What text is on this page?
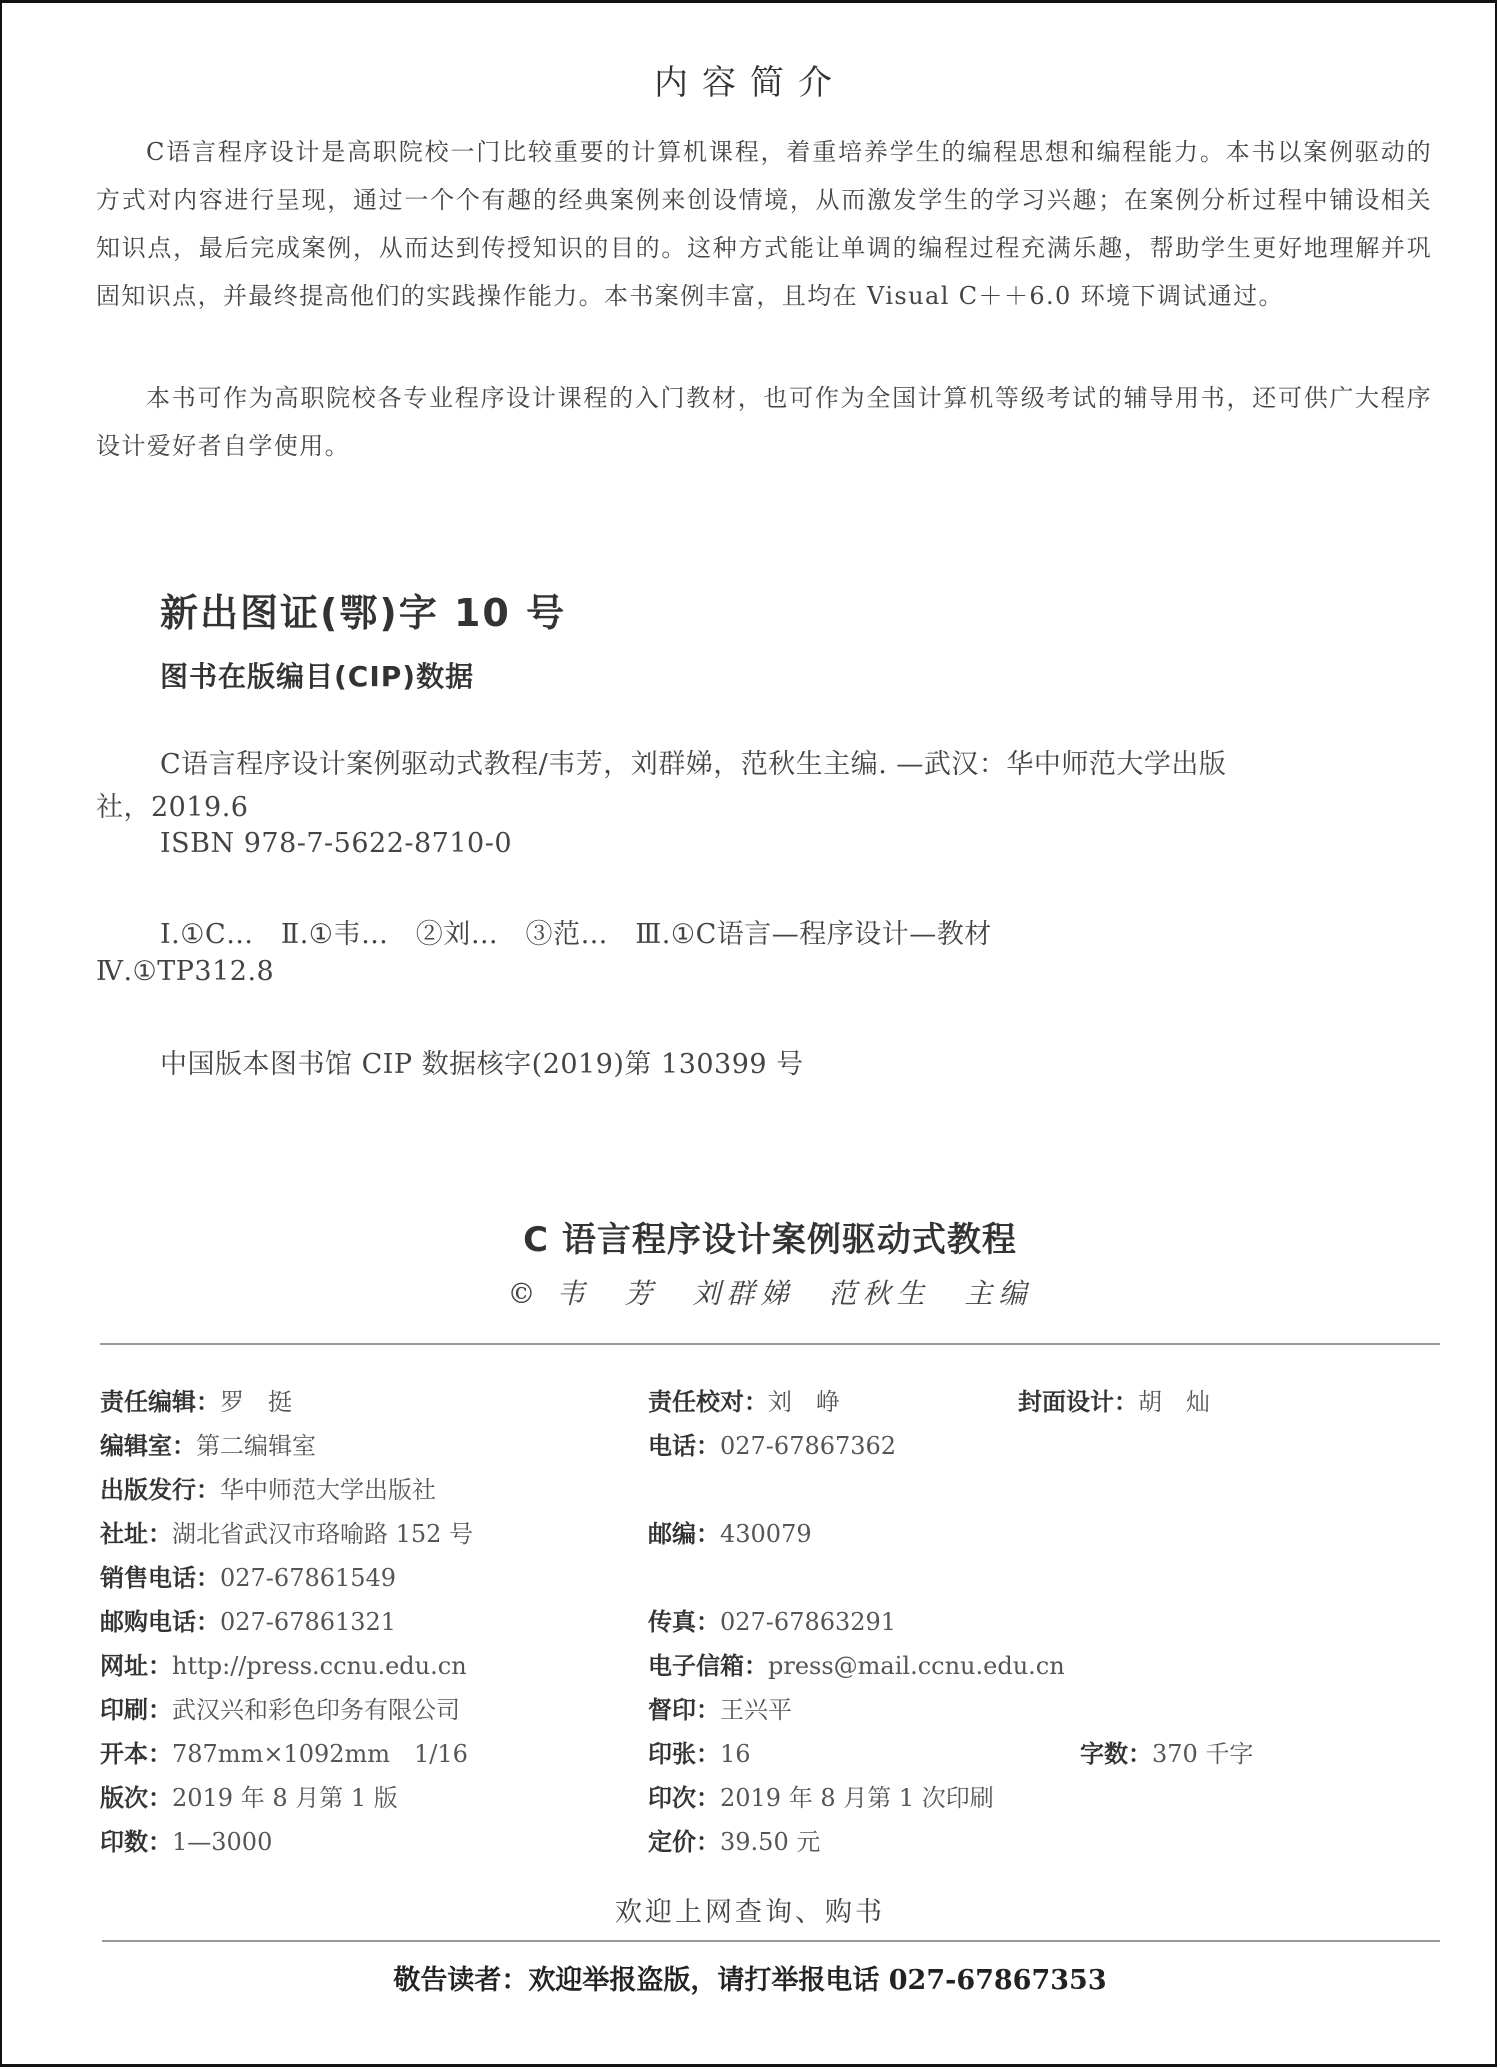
内容简介

C语言程序设计是高职院校一门比较重要的计算机课程，着重培养学生的编程思想和编程能力。本书以案例驱动的方式对内容进行呈现，通过一个个有趣的经典案例来创设情境，从而激发学生的学习兴趣；在案例分析过程中铺设相关知识点，最后完成案例，从而达到传授知识的目的。这种方式能让单调的编程过程充满乐趣，帮助学生更好地理解并巩固知识点，并最终提高他们的实践操作能力。本书案例丰富，且均在 Visual C＋＋6.0 环境下调试通过。

本书可作为高职院校各专业程序设计课程的入门教材，也可作为全国计算机等级考试的辅导用书，还可供广大程序设计爱好者自学使用。

新出图证(鄂)字 10 号
图书在版编目(CIP)数据
C语言程序设计案例驱动式教程/韦芳，刘群娣，范秋生主编. —武汉：华中师范大学出版
社，2019.6
ISBN 978-7-5622-8710-0
Ⅰ.①C…   Ⅱ.①韦…   ②刘…   ③范…   Ⅲ.①C语言—程序设计—教材
Ⅳ.①TP312.8
中国版本图书馆 CIP 数据核字(2019)第 130399 号
C 语言程序设计案例驱动式教程
© 韦　芳　刘群娣　范秋生　主编
责任编辑：罗　挺	责任校对：刘　峥	封面设计：胡　灿
编辑室：第二编辑室	电话：027-67867362
出版发行：华中师范大学出版社
社址：湖北省武汉市珞喻路 152 号	邮编：430079
销售电话：027-67861549
邮购电话：027-67861321	传真：027-67863291
网址：http://press.ccnu.edu.cn	电子信箱：press@mail.ccnu.edu.cn
印刷：武汉兴和彩色印务有限公司	督印：王兴平
开本：787mm×1092mm　1/16	印张：16	字数：370 千字
版次：2019 年 8 月第 1 版	印次：2019 年 8 月第 1 次印刷
印数：1—3000	定价：39.50 元
欢迎上网查询、购书
敬告读者：欢迎举报盗版，请打举报电话 027-67867353
